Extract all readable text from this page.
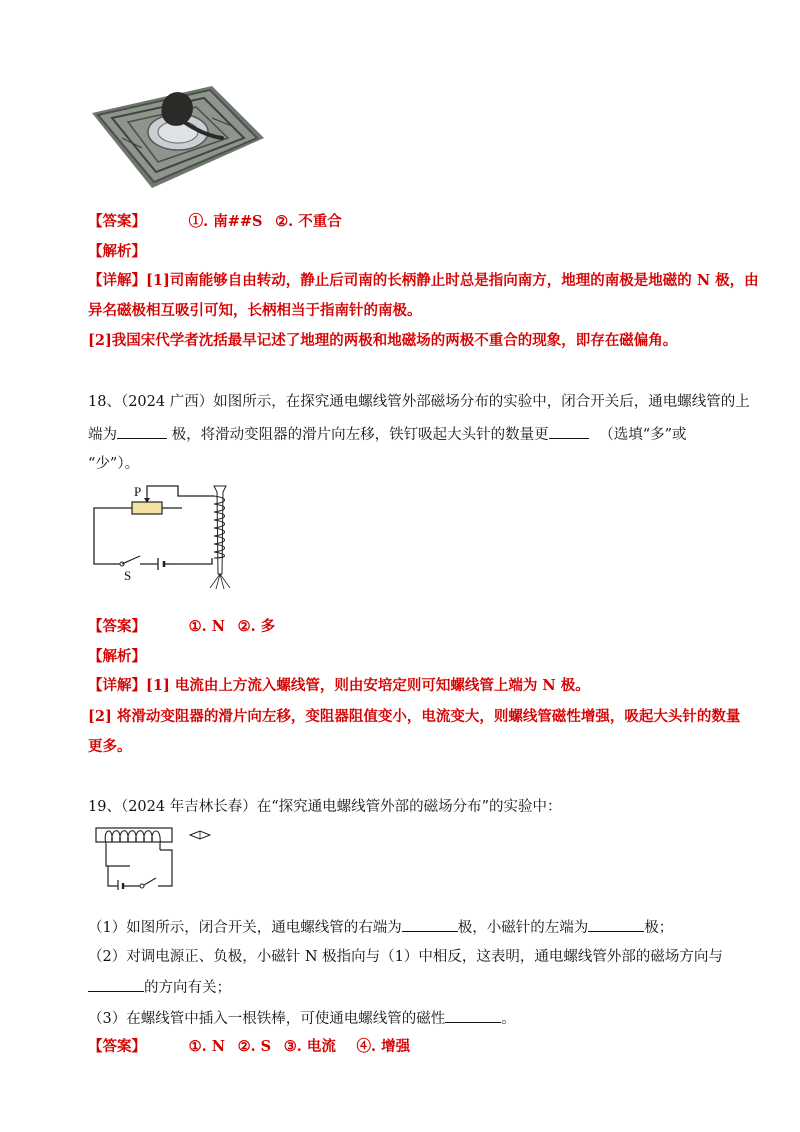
【答案】	①. 南##S ②. 不重合
【解析】
【详解】[1]司南能够自由转动，静止后司南的长柄静止时总是指向南方，地理的南极是地磁的 N 极，由
异名磁极相互吸引可知，长柄相当于指南针的南极。
[2]我国宋代学者沈括最早记述了地理的两极和地磁场的两极不重合的现象，即存在磁偏角。
18、（2024 广西）如图所示，在探究通电螺线管外部磁场分布的实验中，闭合开关后，通电螺线管的上
端为	极，将滑动变阻器的滑片向左移，铁钉吸起大头针的数量更	（选填“多”或
“少”）。
P
S
【答案】	①. N ②. 多
【解析】
【详解】[1] 电流由上方流入螺线管，则由安培定则可知螺线管上端为 N 极。
[2] 将滑动变阻器的滑片向左移，变阻器阻值变小，电流变大，则螺线管磁性增强，吸起大头针的数量
更多。
19、（2024 年吉林长春）在“探究通电螺线管外部的磁场分布”的实验中：
（1）如图所示，闭合开关，通电螺线管的右端为	极，小磁针的左端为	极；
（2）对调电源正、负极，小磁针 N 极指向与（1）中相反，这表明，通电螺线管外部的磁场方向与
的方向有关；
（3）在螺线管中插入一根铁棒，可使通电螺线管的磁性	。
【答案】	①. N ②. S ③. 电流 ④. 增强
